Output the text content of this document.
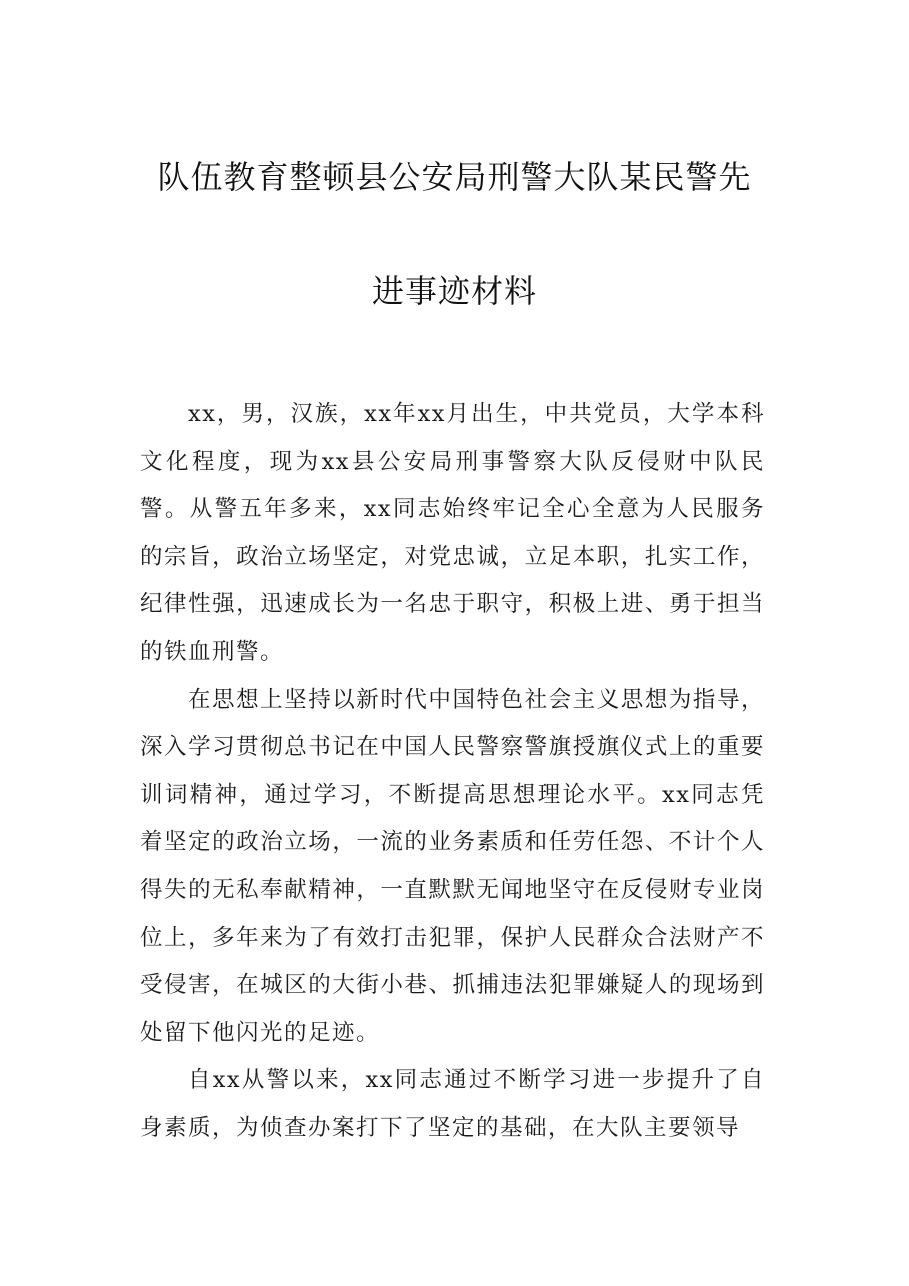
队伍教育整顿县公安局刑警大队某民警先
进事迹材料

xx，男，汉族，xx年xx月出生，中共党员，大学本科文化程度，现为xx县公安局刑事警察大队反侵财中队民警。从警五年多来，xx同志始终牢记全心全意为人民服务的宗旨，政治立场坚定，对党忠诚，立足本职，扎实工作，纪律性强，迅速成长为一名忠于职守，积极上进、勇于担当的铁血刑警。

在思想上坚持以新时代中国特色社会主义思想为指导，深入学习贯彻总书记在中国人民警察警旗授旗仪式上的重要训词精神，通过学习，不断提高思想理论水平。xx同志凭着坚定的政治立场，一流的业务素质和任劳任怨、不计个人得失的无私奉献精神，一直默默无闻地坚守在反侵财专业岗位上，多年来为了有效打击犯罪，保护人民群众合法财产不受侵害，在城区的大街小巷、抓捕违法犯罪嫌疑人的现场到处留下他闪光的足迹。

自xx从警以来，xx同志通过不断学习进一步提升了自身素质，为侦查办案打下了坚定的基础，在大队主要领导
